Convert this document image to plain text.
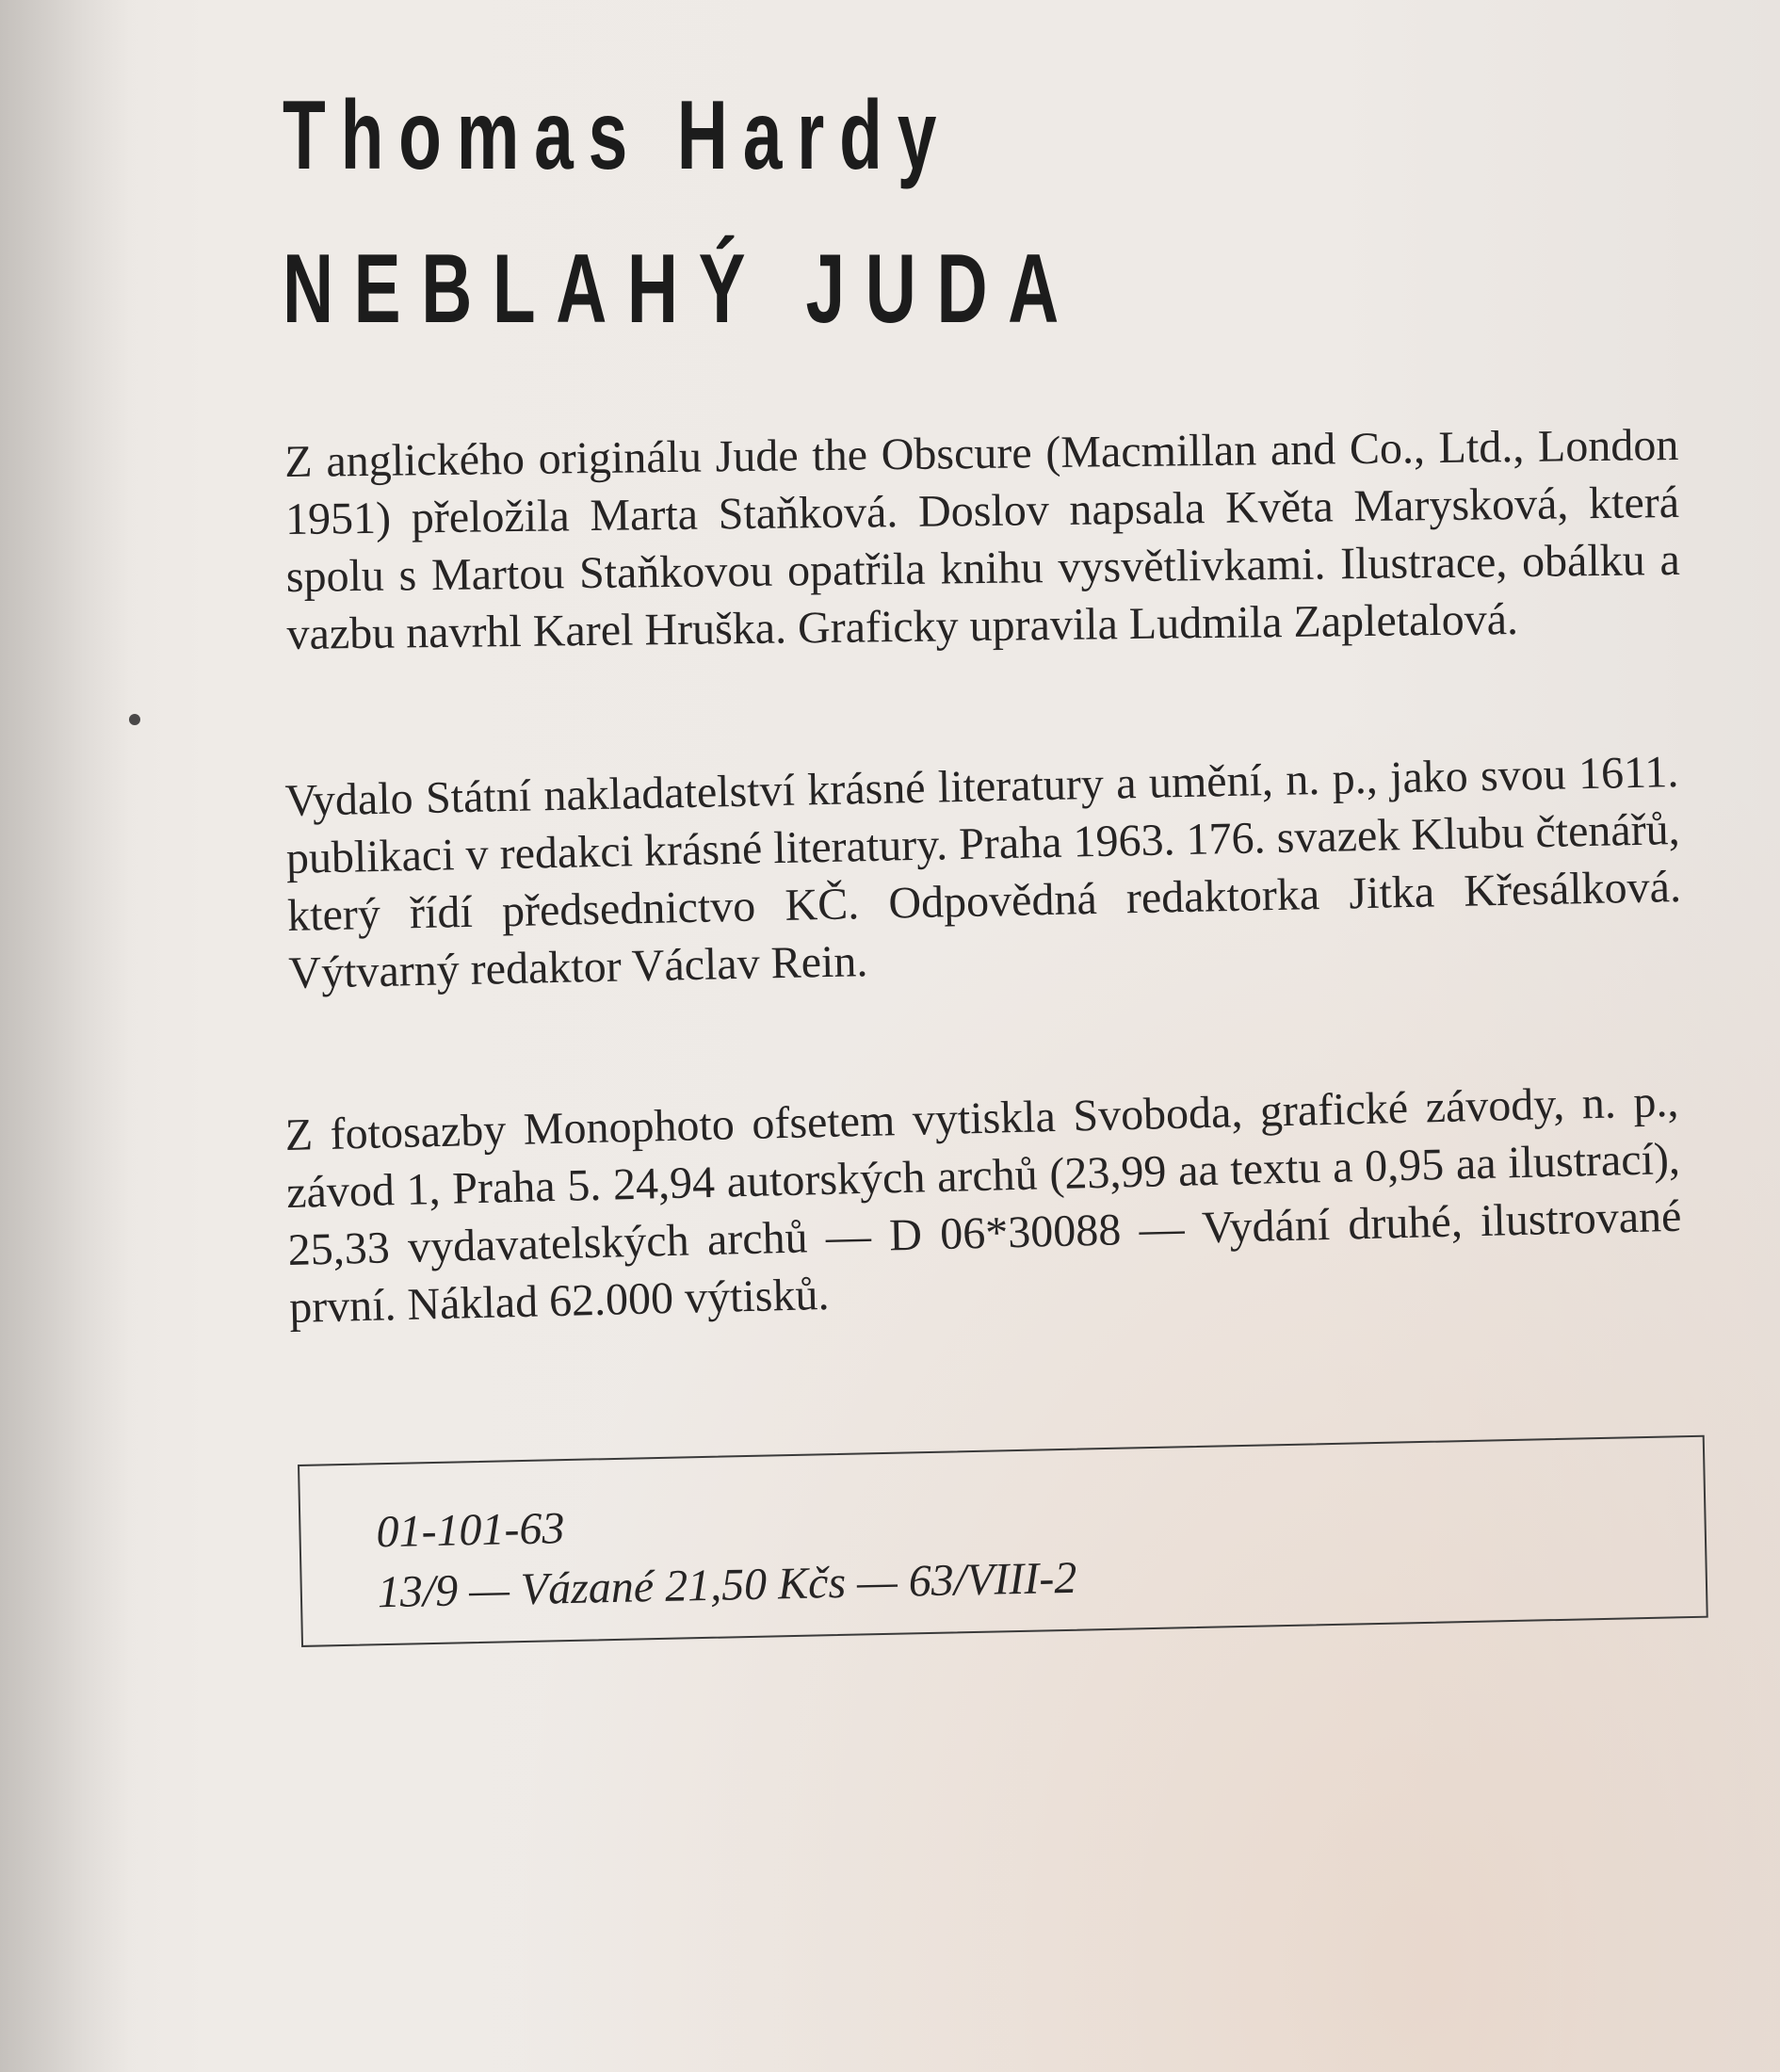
Thomas Hardy
NEBLAHÝ JUDA

Z anglického originálu Jude the Obscure (Macmillan and Co., Ltd., London 1951) přeložila Marta Staňková. Doslov napsala Květa Marysková, která spolu s Martou Staňkovou opatřila knihu vysvětlivkami. Ilustrace, obálku a vazbu navrhl Karel Hruška. Graficky upravila Ludmila Zapletalová.

Vydalo Státní nakladatelství krásné literatury a umění, n. p., jako svou 1611. publikaci v redakci krásné literatury. Praha 1963. 176. svazek Klubu čtenářů, který řídí předsednictvo KČ. Odpovědná redaktorka Jitka Křesálková. Výtvarný redaktor Václav Rein.

Z fotosazby Monophoto ofsetem vytiskla Svoboda, grafické závody, n. p., závod 1, Praha 5. 24,94 autorských archů (23,99 aa textu a 0,95 aa ilustrací), 25,33 vydavatelských archů — D 06*30088 — Vydání druhé, ilustrované první. Náklad 62.000 výtisků.

01-101-63

13/9 — Vázané 21,50 Kčs — 63/VIII-2
